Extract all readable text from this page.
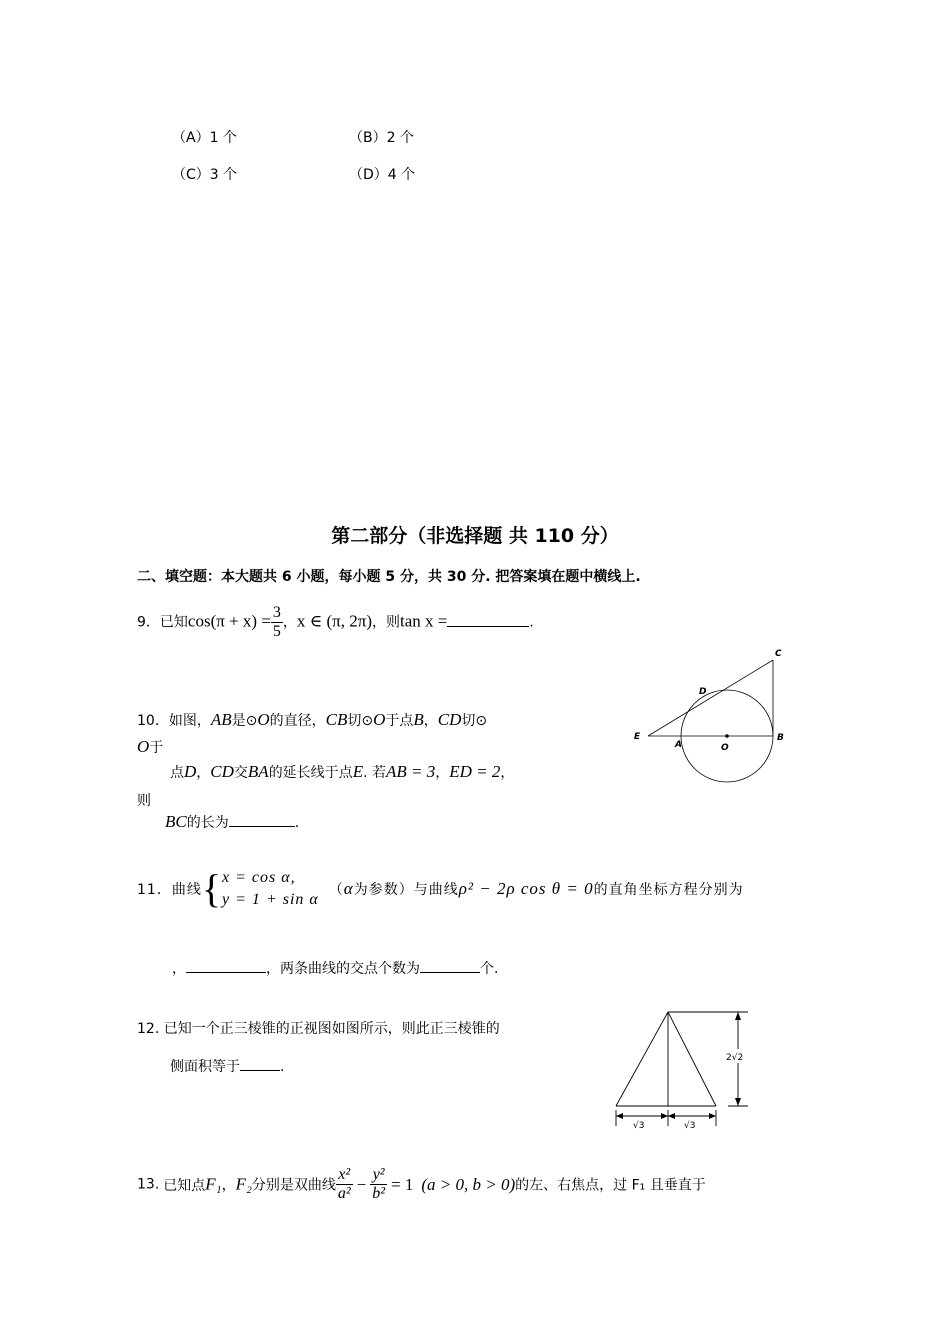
（A）1 个	（B）2 个
（C）3 个	（D）4 个
第二部分（非选择题 共 110 分）
二、填空题：本大题共 6 小题，每小题 5 分，共 30 分. 把答案填在题中横线上.
9．已知$\cos(\pi + x) = \frac{3}{5}$ ，x ∈ (π, 2π)，则tan x =	.
10．如图，AB是⊙O的直径，CB切⊙O于点B，CD切⊙
O于
点D，CD交BA的延长线于点E. 若AB = 3，ED = 2，
则
BC的长为	.
C
D
E
A	O
B
11．曲线{ x = cos α,
y = 1 + sin α
（α为参数）与曲线ρ² − 2ρ cos θ = 0的直角坐标方程分别为
，	，两条曲线的交点个数为	个.
12. 已知一个正三棱锥的正视图如图所示，则此正三棱锥的
侧面积等于	.
2√2
√3	√3
13. 已知点F₁，F₂分别是双曲线 $\frac{\text{x²}}{\text{a²}} - \frac{\text{y²}}{\text{b²}} = 1$ (a > 0, b > 0)的左、右焦点，过 F₁ 且垂直于
